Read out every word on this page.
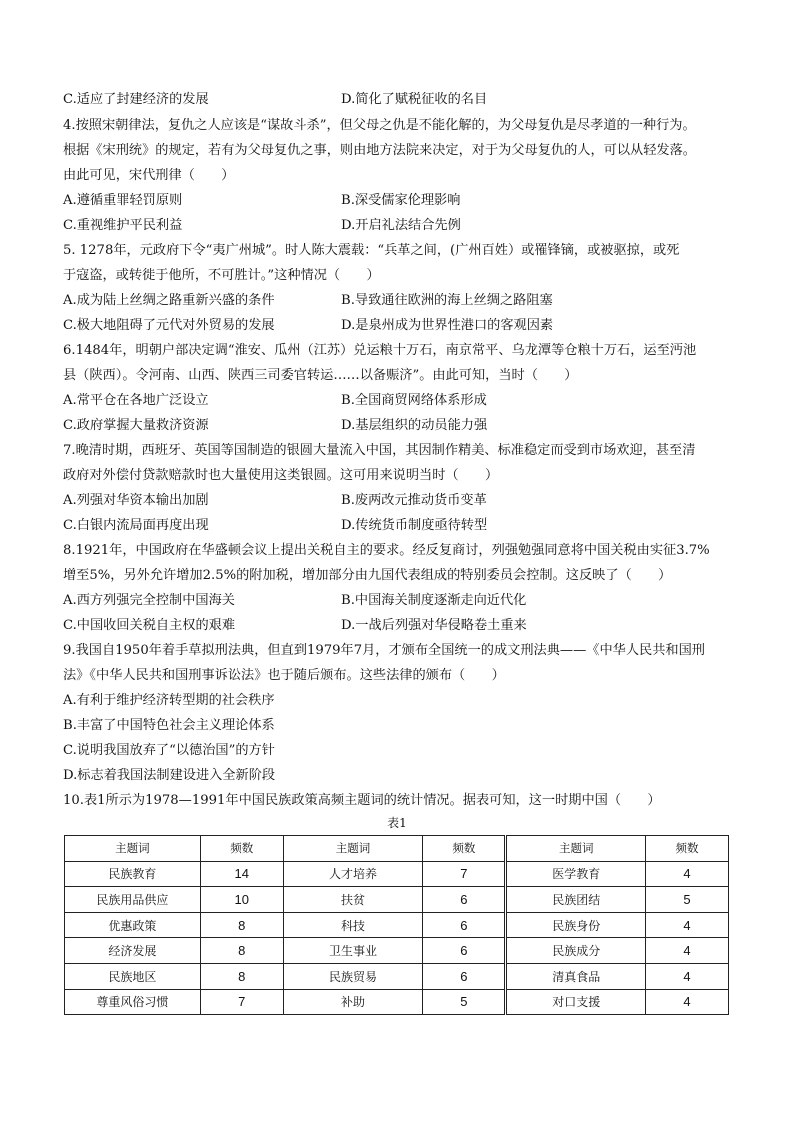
C.适应了封建经济的发展	D.简化了赋税征收的名目
4.按照宋朝律法，复仇之人应该是“谋故斗杀”，但父母之仇是不能化解的，为父母复仇是尽孝道的一种行为。
根据《宋刑统》的规定，若有为父母复仇之事，则由地方法院来决定，对于为父母复仇的人，可以从轻发落。
由此可见，宋代刑律（　　）
A.遵循重罪轻罚原则	B.深受儒家伦理影响
C.重视维护平民利益	D.开启礼法结合先例
5. 1278年，元政府下令“夷广州城”。时人陈大震载：“兵革之间，(广州百姓）或罹锋镝，或被驱掠，或死
于寇盗，或转徙于他所，不可胜计。”这种情况（　　）
A.成为陆上丝绸之路重新兴盛的条件	B.导致通往欧洲的海上丝绸之路阻塞
C.极大地阻碍了元代对外贸易的发展	D.是泉州成为世界性港口的客观因素
6.1484年，明朝户部决定调“淮安、瓜州（江苏）兑运粮十万石，南京常平、乌龙潭等仓粮十万石，运至沔池
县（陕西）。令河南、山西、陕西三司委官转运……以备赈济”。由此可知，当时（　　）
A.常平仓在各地广泛设立	B.全国商贸网络体系形成
C.政府掌握大量救济资源	D.基层组织的动员能力强
7.晚清时期，西班牙、英国等国制造的银圆大量流入中国，其因制作精美、标准稳定而受到市场欢迎，甚至清
政府对外偿付贷款赔款时也大量使用这类银圆。这可用来说明当时（　　）
A.列强对华资本输出加剧	B.废两改元推动货币变革
C.白银内流局面再度出现	D.传统货币制度亟待转型
8.1921年，中国政府在华盛顿会议上提出关税自主的要求。经反复商讨，列强勉强同意将中国关税由实征3.7%
增至5%，另外允许增加2.5%的附加税，增加部分由九国代表组成的特别委员会控制。这反映了（　　）
A.西方列强完全控制中国海关	B.中国海关制度逐渐走向近代化
C.中国收回关税自主权的艰难	D.一战后列强对华侵略卷土重来
9.我国自1950年着手草拟刑法典，但直到1979年7月，才颁布全国统一的成文刑法典——《中华人民共和国刑
法》《中华人民共和国刑事诉讼法》也于随后颁布。这些法律的颁布（　　）
A.有利于维护经济转型期的社会秩序
B.丰富了中国特色社会主义理论体系
C.说明我国放弃了“以德治国”的方针
D.标志着我国法制建设进入全新阶段
10.表1所示为1978—1991年中国民族政策高频主题词的统计情况。据表可知，这一时期中国（　　）
表1
主题词	频数	主题词	频数	主题词	频数
民族教育	14	人才培养	7	医学教育	4
民族用品供应	10	扶贫	6	民族团结	5
优惠政策	8	科技	6	民族身份	4
经济发展	8	卫生事业	6	民族成分	4
民族地区	8	民族贸易	6	清真食品	4
尊重风俗习惯	7	补助	5	对口支援	4
